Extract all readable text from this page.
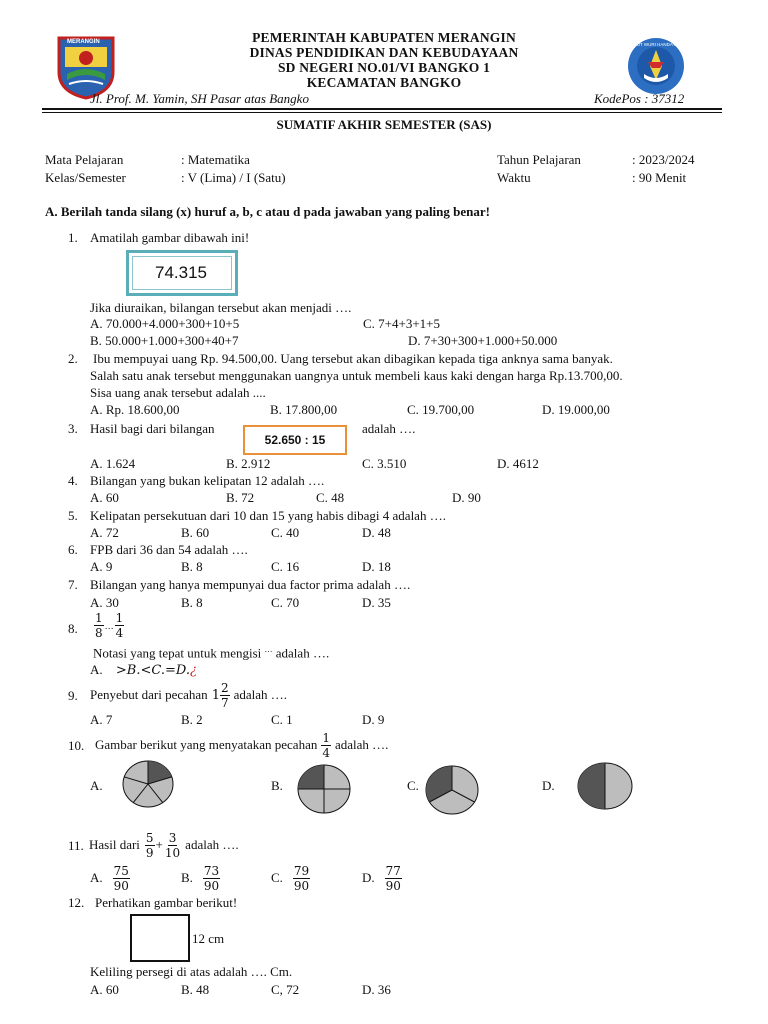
MERANGIN	TUT WURI HANDAYANI
PEMERINTAH KABUPATEN MERANGIN
DINAS PENDIDIKAN DAN KEBUDAYAAN
SD NEGERI NO.01/VI BANGKO 1
KECAMATAN BANGKO
Jl. Prof. M. Yamin, SH Pasar atas Bangko	KodePos : 37312
SUMATIF AKHIR SEMESTER (SAS)
Mata Pelajaran	: Matematika
Kelas/Semester	: V (Lima) / I (Satu)
Tahun Pelajaran	: 2023/2024
Waktu	: 90 Menit
A. Berilah tanda silang (x) huruf a, b, c atau d pada jawaban yang paling benar!
1. Amatilah gambar dibawah ini!
74.315
Jika diuraikan, bilangan tersebut akan menjadi ….
A. 70.000+4.000+300+10+5	C. 7+4+3+1+5
B. 50.000+1.000+300+40+7	D. 7+30+300+1.000+50.000
2. Ibu mempuyai uang Rp. 94.500,00. Uang tersebut akan dibagikan kepada tiga anknya sama banyak.
Salah satu anak tersebut menggunakan uangnya untuk membeli kaus kaki dengan harga Rp.13.700,00.
Sisa uang anak tersebut adalah ....
A. Rp. 18.600,00	B. 17.800,00	C. 19.700,00	D. 19.000,00
3. Hasil bagi dari bilangan
52.650 : 15
adalah ….
A. 1.624	B. 2.912	C. 3.510	D. 4612
4. Bilangan yang bukan kelipatan 12 adalah ….
A. 60	B. 72	C. 48	D. 90
5. Kelipatan persekutuan dari 10 dan 15 yang habis dibagi 4 adalah ….
A. 72	B. 60	C. 40	D. 48
6. FPB dari 36 dan 54 adalah ….
A. 9	B. 8	C. 16	D. 18
7. Bilangan yang hanya mempunyai dua factor prima adalah ….
A. 30	B. 8	C. 70	D. 35
8. $\frac{1}{8}$ … $\frac{1}{4}$
Notasi yang tepat untuk mengisi … adalah ….
A. >B.<C.=D.¿
9. Penyebut dari pecahan $1 \frac{2}{7}$ adalah ….
A. 7	B. 2	C. 1	D. 9
10. Gambar berikut yang menyatakan pecahan $\frac{1}{4}$ adalah ….
A.	B.	C.	D.
11. Hasil dari $\frac{5}{9} + \frac{3}{10}$ adalah ….
A. $\frac{75}{90}$	B. $\frac{73}{90}$	C. $\frac{79}{90}$	D. $\frac{77}{90}$
12. Perhatikan gambar berikut!
12 cm
Keliling persegi di atas adalah …. Cm.
A. 60	B. 48	C, 72	D. 36
